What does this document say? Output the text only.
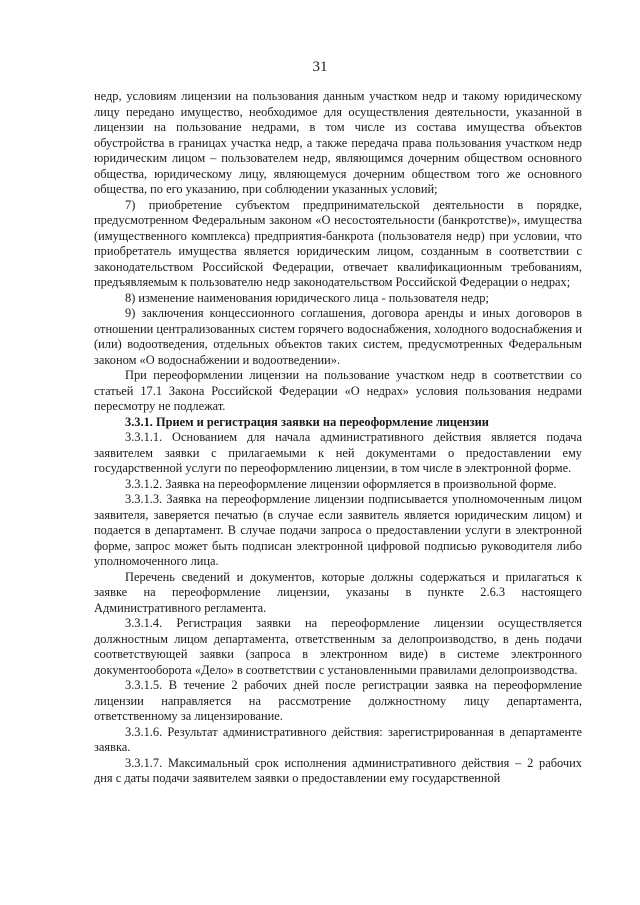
31

недр, условиям лицензии на пользования данным участком недр и такому юридическому лицу передано имущество, необходимое для осуществления деятельности, указанной в лицензии на пользование недрами, в том числе из состава имущества объектов обустройства в границах участка недр, а также передача права пользования участком недр юридическим лицом – пользователем недр, являющимся дочерним обществом основного общества, юридическому лицу, являющемуся дочерним обществом того же основного общества, по его указанию, при соблюдении указанных условий;

7) приобретение субъектом предпринимательской деятельности в порядке, предусмотренном Федеральным законом «О несостоятельности (банкротстве)», имущества (имущественного комплекса) предприятия-банкрота (пользователя недр) при условии, что приобретатель имущества является юридическим лицом, созданным в соответствии с законодательством Российской Федерации, отвечает квалификационным требованиям, предъявляемым к пользователю недр законодательством Российской Федерации о недрах;

8) изменение наименования юридического лица - пользователя недр;

9) заключения концессионного соглашения, договора аренды и иных договоров в отношении централизованных систем горячего водоснабжения, холодного водоснабжения и (или) водоотведения, отдельных объектов таких систем, предусмотренных Федеральным законом «О водоснабжении и водоотведении».

При переоформлении лицензии на пользование участком недр в соответствии со статьей 17.1 Закона Российской Федерации «О недрах» условия пользования недрами пересмотру не подлежат.

3.3.1. Прием и регистрация заявки на переоформление лицензии

3.3.1.1. Основанием для начала административного действия является подача заявителем заявки с прилагаемыми к ней документами о предоставлении ему государственной услуги по переоформлению лицензии, в том числе в электронной форме.

3.3.1.2. Заявка на переоформление лицензии оформляется в произвольной форме.

3.3.1.3. Заявка на переоформление лицензии подписывается уполномоченным лицом заявителя, заверяется печатью (в случае если заявитель является юридическим лицом) и подается в департамент. В случае подачи запроса о предоставлении услуги в электронной форме, запрос может быть подписан электронной цифровой подписью руководителя либо уполномоченного лица.

Перечень сведений и документов, которые должны содержаться и прилагаться к заявке на переоформление лицензии, указаны в пункте 2.6.3 настоящего Административного регламента.

3.3.1.4. Регистрация заявки на переоформление лицензии осуществляется должностным лицом департамента, ответственным за делопроизводство, в день подачи соответствующей заявки (запроса в электронном виде) в системе электронного документооборота «Дело» в соответствии с установленными правилами делопроизводства.

3.3.1.5. В течение 2 рабочих дней после регистрации заявка на переоформление лицензии направляется на рассмотрение должностному лицу департамента, ответственному за лицензирование.

3.3.1.6. Результат административного действия: зарегистрированная в департаменте заявка.

3.3.1.7. Максимальный срок исполнения административного действия – 2 рабочих дня с даты подачи заявителем заявки о предоставлении ему государственной
